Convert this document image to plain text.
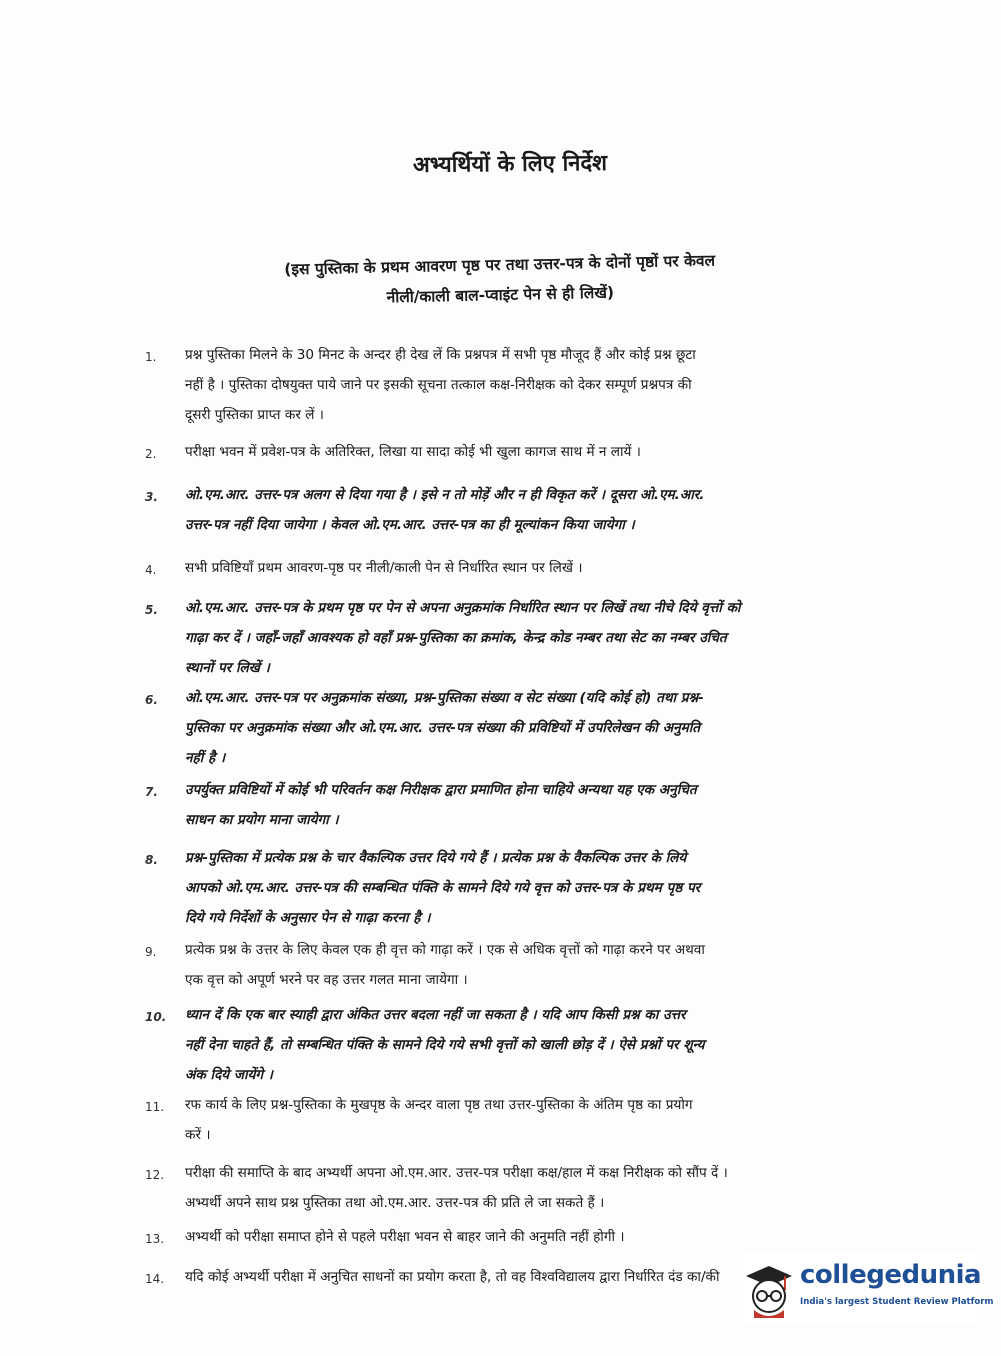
अभ्यर्थियों के लिए निर्देश
(इस पुस्तिका के प्रथम आवरण पृष्ठ पर तथा उत्तर-पत्र के दोनों पृष्ठों पर केवल
नीली/काली बाल-प्वाइंट पेन से ही लिखें)
1.	प्रश्न पुस्तिका मिलने के 30 मिनट के अन्दर ही देख लें कि प्रश्नपत्र में सभी पृष्ठ मौजूद हैं और कोई प्रश्न छूटा
नहीं है । पुस्तिका दोषयुक्त पाये जाने पर इसकी सूचना तत्काल कक्ष-निरीक्षक को देकर सम्पूर्ण प्रश्नपत्र की
दूसरी पुस्तिका प्राप्त कर लें ।
2.	परीक्षा भवन में प्रवेश-पत्र के अतिरिक्त, लिखा या सादा कोई भी खुला कागज साथ में न लायें ।
3.	ओ.एम.आर. उत्तर-पत्र अलग से दिया गया है । इसे न तो मोड़ें और न ही विकृत करें । दूसरा ओ.एम.आर.
उत्तर-पत्र नहीं दिया जायेगा । केवल ओ.एम.आर. उत्तर-पत्र का ही मूल्यांकन किया जायेगा ।
4.	सभी प्रविष्टियाँ प्रथम आवरण-पृष्ठ पर नीली/काली पेन से निर्धारित स्थान पर लिखें ।
5.	ओ.एम.आर. उत्तर-पत्र के प्रथम पृष्ठ पर पेन से अपना अनुक्रमांक निर्धारित स्थान पर लिखें तथा नीचे दिये वृत्तों को
गाढ़ा कर दें । जहाँ-जहाँ आवश्यक हो वहाँ प्रश्न-पुस्तिका का क्रमांक, केन्द्र कोड नम्बर तथा सेट का नम्बर उचित
स्थानों पर लिखें ।
6.	ओ.एम.आर. उत्तर-पत्र पर अनुक्रमांक संख्या, प्रश्न-पुस्तिका संख्या व सेट संख्या (यदि कोई हो) तथा प्रश्न-
पुस्तिका पर अनुक्रमांक संख्या और ओ.एम.आर. उत्तर-पत्र संख्या की प्रविष्टियों में उपरिलेखन की अनुमति
नहीं है ।
7.	उपर्युक्त प्रविष्टियों में कोई भी परिवर्तन कक्ष निरीक्षक द्वारा प्रमाणित होना चाहिये अन्यथा यह एक अनुचित
साधन का प्रयोग माना जायेगा ।
8.	प्रश्न-पुस्तिका में प्रत्येक प्रश्न के चार वैकल्पिक उत्तर दिये गये हैं । प्रत्येक प्रश्न के वैकल्पिक उत्तर के लिये
आपको ओ.एम.आर. उत्तर-पत्र की सम्बन्धित पंक्ति के सामने दिये गये वृत्त को उत्तर-पत्र के प्रथम पृष्ठ पर
दिये गये निर्देशों के अनुसार पेन से गाढ़ा करना है ।
9.	प्रत्येक प्रश्न के उत्तर के लिए केवल एक ही वृत्त को गाढ़ा करें । एक से अधिक वृत्तों को गाढ़ा करने पर अथवा
एक वृत्त को अपूर्ण भरने पर वह उत्तर गलत माना जायेगा ।
10.	ध्यान दें कि एक बार स्याही द्वारा अंकित उत्तर बदला नहीं जा सकता है । यदि आप किसी प्रश्न का उत्तर
नहीं देना चाहते हैं, तो सम्बन्धित पंक्ति के सामने दिये गये सभी वृत्तों को खाली छोड़ दें । ऐसे प्रश्नों पर शून्य
अंक दिये जायेंगे ।
11.	रफ कार्य के लिए प्रश्न-पुस्तिका के मुखपृष्ठ के अन्दर वाला पृष्ठ तथा उत्तर-पुस्तिका के अंतिम पृष्ठ का प्रयोग
करें ।
12.	परीक्षा की समाप्ति के बाद अभ्यर्थी अपना ओ.एम.आर. उत्तर-पत्र परीक्षा कक्ष/हाल में कक्ष निरीक्षक को सौंप दें ।
अभ्यर्थी अपने साथ प्रश्न पुस्तिका तथा ओ.एम.आर. उत्तर-पत्र की प्रति ले जा सकते हैं ।
13.	अभ्यर्थी को परीक्षा समाप्त होने से पहले परीक्षा भवन से बाहर जाने की अनुमति नहीं होगी ।
14.	यदि कोई अभ्यर्थी परीक्षा में अनुचित साधनों का प्रयोग करता है, तो वह विश्वविद्यालय द्वारा निर्धारित दंड का/की	collegedunia
India's largest Student Review Platform
